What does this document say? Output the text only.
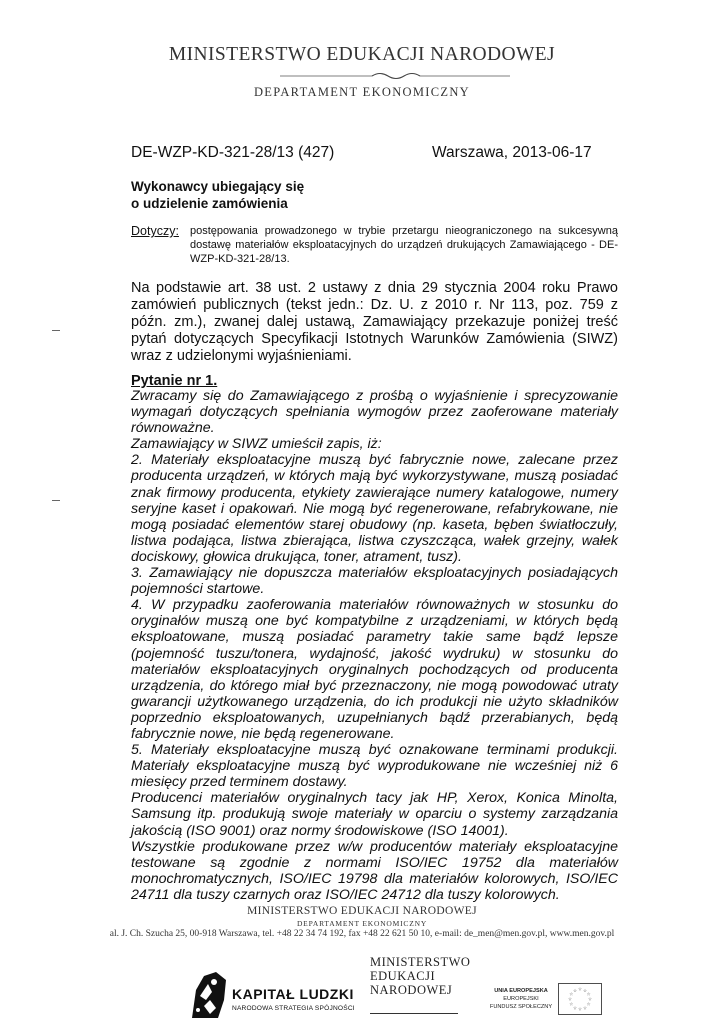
MINISTERSTWO EDUKACJI NARODOWEJ
DEPARTAMENT EKONOMICZNY
DE-WZP-KD-321-28/13 (427)	Warszawa, 2013-06-17
Wykonawcy ubiegający się
o udzielenie zamówienia
Dotyczy: postępowania prowadzonego w trybie przetargu nieograniczonego na sukcesywną dostawę materiałów eksploatacyjnych do urządzeń drukujących Zamawiającego - DE-WZP-KD-321-28/13.
Na podstawie art. 38 ust. 2 ustawy z dnia 29 stycznia 2004 roku Prawo zamówień publicznych (tekst jedn.: Dz. U. z 2010 r. Nr 113, poz. 759 z późn. zm.), zwanej dalej ustawą, Zamawiający przekazuje poniżej treść pytań dotyczących Specyfikacji Istotnych Warunków Zamówienia (SIWZ) wraz z udzielonymi wyjaśnieniami.
Pytanie nr 1.

Zwracamy się do Zamawiającego z prośbą o wyjaśnienie i sprecyzowanie wymagań dotyczących spełniania wymogów przez zaoferowane materiały równoważne.

Zamawiający w SIWZ umieścił zapis, iż:

2. Materiały eksploatacyjne muszą być fabrycznie nowe, zalecane przez producenta urządzeń, w których mają być wykorzystywane, muszą posiadać znak firmowy producenta, etykiety zawierające numery katalogowe, numery seryjne kaset i opakowań. Nie mogą być regenerowane, refabrykowane, nie mogą posiadać elementów starej obudowy (np. kaseta, bęben światłoczuły, listwa podająca, listwa zbierająca, listwa czyszcząca, wałek grzejny, wałek dociskowy, głowica drukująca, toner, atrament, tusz).

3. Zamawiający nie dopuszcza materiałów eksploatacyjnych posiadających pojemności startowe.

4. W przypadku zaoferowania materiałów równoważnych w stosunku do oryginałów muszą one być kompatybilne z urządzeniami, w których będą eksploatowane, muszą posiadać parametry takie same bądź lepsze (pojemność tuszu/tonera, wydajność, jakość wydruku) w stosunku do materiałów eksploatacyjnych oryginalnych pochodzących od producenta urządzenia, do którego miał być przeznaczony, nie mogą powodować utraty gwarancji użytkowanego urządzenia, do ich produkcji nie użyto składników poprzednio eksploatowanych, uzupełnianych bądź przerabianych, będą fabrycznie nowe, nie będą regenerowane.

5. Materiały eksploatacyjne muszą być oznakowane terminami produkcji. Materiały eksploatacyjne muszą być wyprodukowane nie wcześniej niż 6 miesięcy przed terminem dostawy.

Producenci materiałów oryginalnych tacy jak HP, Xerox, Konica Minolta, Samsung itp. produkują swoje materiały w oparciu o systemy zarządzania jakością (ISO 9001) oraz normy środowiskowe (ISO 14001).

Wszystkie produkowane przez w/w producentów materiały eksploatacyjne testowane są zgodnie z normami ISO/IEC 19752 dla materiałów monochromatycznych, ISO/IEC 19798 dla materiałów kolorowych, ISO/IEC 24711 dla tuszy czarnych oraz ISO/IEC 24712 dla tuszy kolorowych.

MINISTERSTWO EDUKACJI NARODOWEJ
DEPARTAMENT EKONOMICZNY
al. J. Ch. Szucha 25, 00-918 Warszawa, tel. +48 22 34 74 192, fax +48 22 621 50 10, e-mail: de_men@men.gov.pl, www.men.gov.pl
KAPITAŁ LUDZKI
NARODOWA STRATEGIA SPÓJNOŚCI
MINISTERSTWO
EDUKACJI
NARODOWEJ	UNIA EUROPEJSKA
EUROPEJSKI
FUNDUSZ SPOŁECZNY
☆
☆
☆
☆
☆
☆
☆
☆
☆ ☆ ☆
☆
